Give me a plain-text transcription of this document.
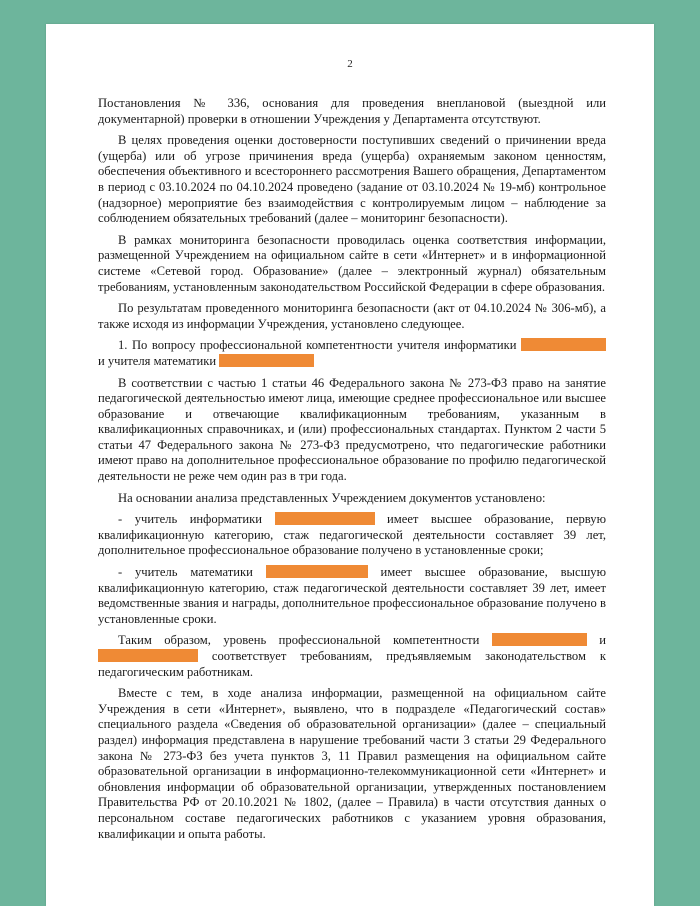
2

Постановления № 336, основания для проведения внеплановой (выездной или документарной) проверки в отношении Учреждения у Департамента отсутствуют.

В целях проведения оценки достоверности поступивших сведений о причинении вреда (ущерба) или об угрозе причинения вреда (ущерба) охраняемым законом ценностям, обеспечения объективного и всестороннего рассмотрения Вашего обращения, Департаментом в период с 03.10.2024 по 04.10.2024 проведено (задание от 03.10.2024 № 19-мб) контрольное (надзорное) мероприятие без взаимодействия с контролируемым лицом – наблюдение за соблюдением обязательных требований (далее – мониторинг безопасности).

В рамках мониторинга безопасности проводилась оценка соответствия информации, размещенной Учреждением на официальном сайте в сети «Интернет» и в информационной системе «Сетевой город. Образование» (далее – электронный журнал) обязательным требованиям, установленным законодательством Российской Федерации в сфере образования.

По результатам проведенного мониторинга безопасности (акт от 04.10.2024 № 306-мб), а также исходя из информации Учреждения, установлено следующее.

1. По вопросу профессиональной компетентности учителя информатики  и учителя математики

В соответствии с частью 1 статьи 46 Федерального закона № 273-ФЗ право на занятие педагогической деятельностью имеют лица, имеющие среднее профессиональное или высшее образование и отвечающие квалификационным требованиям, указанным в квалификационных справочниках, и (или) профессиональных стандартах. Пунктом 2 части 5 статьи 47 Федерального закона № 273-ФЗ предусмотрено, что педагогические работники имеют право на дополнительное профессиональное образование по профилю педагогической деятельности не реже чем один раз в три года.

На основании анализа представленных Учреждением документов установлено:

- учитель информатики	имеет высшее образование, первую квалификационную категорию, стаж педагогической деятельности составляет 39 лет, дополнительное профессиональное образование получено в установленные сроки;

- учитель математики	имеет высшее образование, высшую квалификационную категорию, стаж педагогической деятельности составляет 39 лет, имеет ведомственные звания и награды, дополнительное профессиональное образование получено в установленные сроки.

Таким образом, уровень профессиональной компетентности	и  соответствует требованиям, предъявляемым законодательством к педагогическим работникам.

Вместе с тем, в ходе анализа информации, размещенной на официальном сайте Учреждения в сети «Интернет», выявлено, что в подразделе «Педагогический состав» специального раздела «Сведения об образовательной организации» (далее – специальный раздел) информация представлена в нарушение требований части 3 статьи 29 Федерального закона № 273-ФЗ без учета пунктов 3, 11 Правил размещения на официальном сайте образовательной организации в информационно-телекоммуникационной сети «Интернет» и обновления информации об образовательной организации, утвержденных постановлением Правительства РФ от 20.10.2021 № 1802, (далее – Правила) в части отсутствия данных о персональном составе педагогических работников с указанием уровня образования, квалификации и опыта работы.
